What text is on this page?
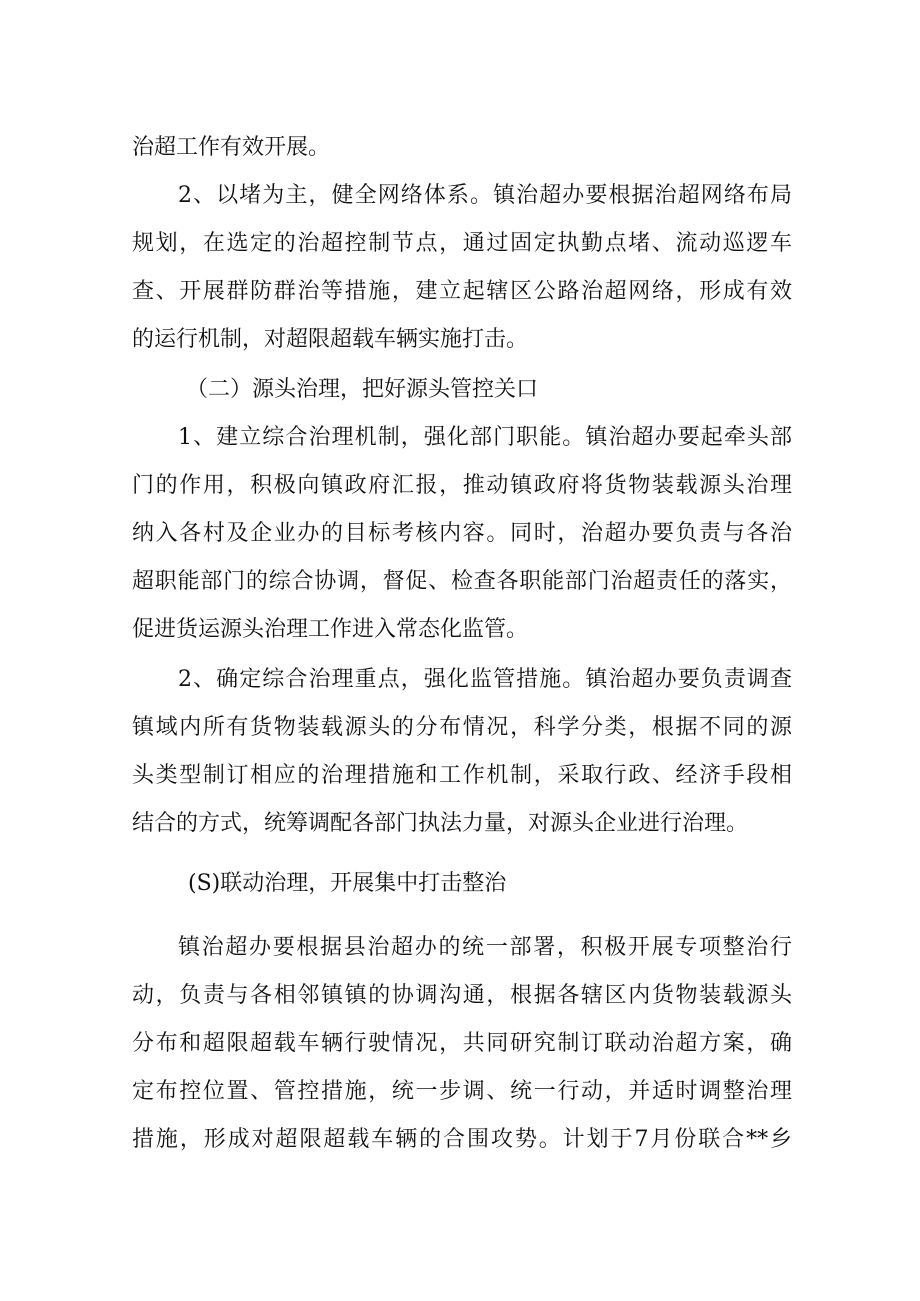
治超工作有效开展。
2、以堵为主，健全网络体系。镇治超办要根据治超网络布局
规划，在选定的治超控制节点，通过固定执勤点堵、流动巡逻车
查、开展群防群治等措施，建立起辖区公路治超网络，形成有效
的运行机制，对超限超载车辆实施打击。
（二）源头治理，把好源头管控关口
1、建立综合治理机制，强化部门职能。镇治超办要起牵头部
门的作用，积极向镇政府汇报，推动镇政府将货物装载源头治理
纳入各村及企业办的目标考核内容。同时，治超办要负责与各治
超职能部门的综合协调，督促、检查各职能部门治超责任的落实，
促进货运源头治理工作进入常态化监管。
2、确定综合治理重点，强化监管措施。镇治超办要负责调查
镇域内所有货物装载源头的分布情况，科学分类，根据不同的源
头类型制订相应的治理措施和工作机制，采取行政、经济手段相
结合的方式，统筹调配各部门执法力量，对源头企业进行治理。
(S)联动治理，开展集中打击整治
镇治超办要根据县治超办的统一部署，积极开展专项整治行
动，负责与各相邻镇镇的协调沟通，根据各辖区内货物装载源头
分布和超限超载车辆行驶情况，共同研究制订联动治超方案，确
定布控位置、管控措施，统一步调、统一行动，并适时调整治理
措施，形成对超限超载车辆的合围攻势。计划于7月份联合**乡
